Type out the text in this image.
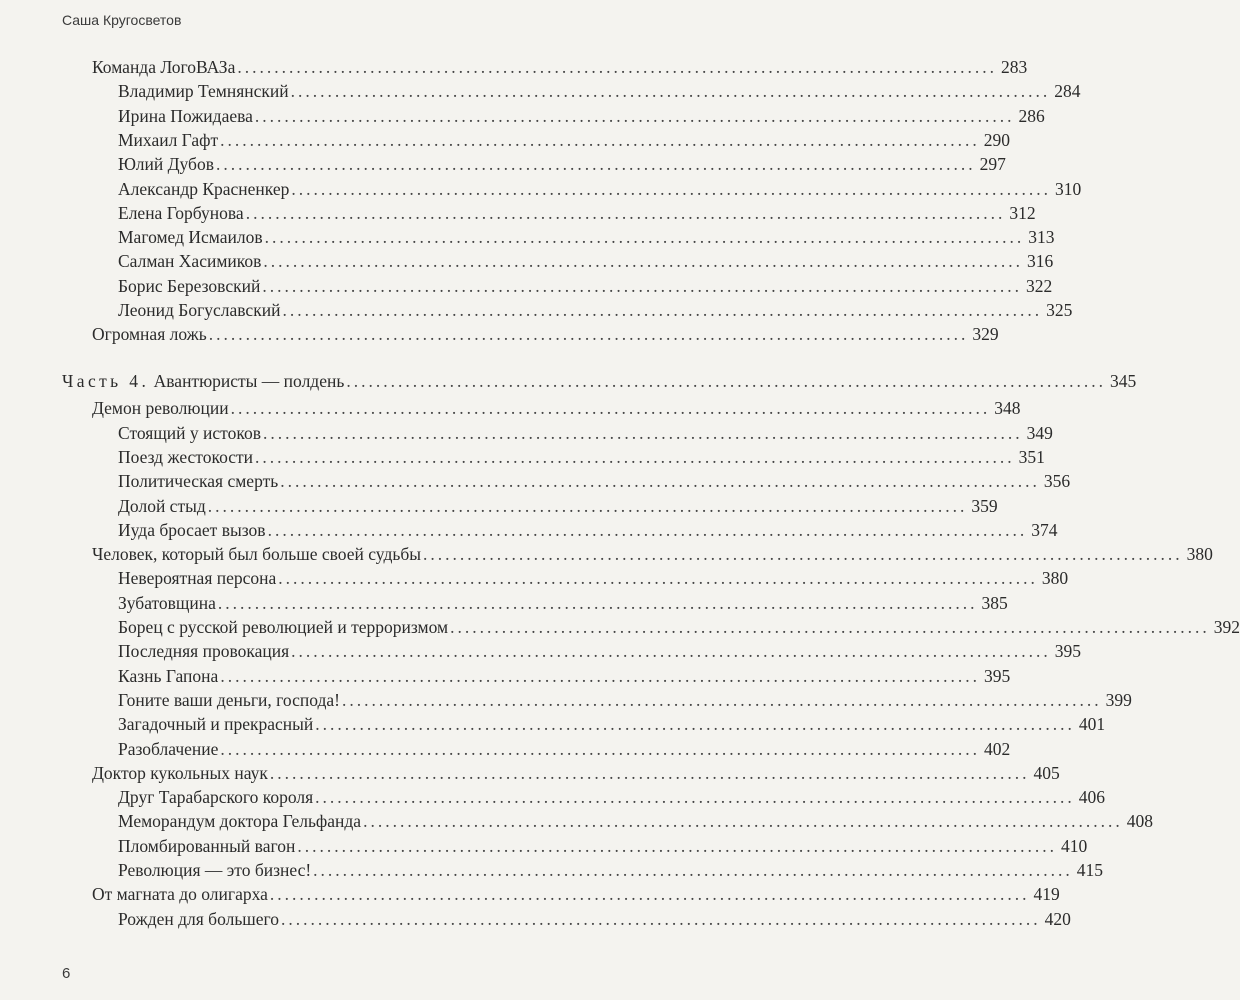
Саша Кругосветов
Команда ЛогоВАЗа ....................................................................................................... 283
Владимир Темнянский ....................................................................................................... 284
Ирина Пожидаева ....................................................................................................... 286
Михаил Гафт ....................................................................................................... 290
Юлий Дубов ....................................................................................................... 297
Александр Красненкер ....................................................................................................... 310
Елена Горбунова ....................................................................................................... 312
Магомед Исмаилов ....................................................................................................... 313
Салман Хасимиков ....................................................................................................... 316
Борис Березовский ....................................................................................................... 322
Леонид Богуславский ....................................................................................................... 325
Огромная ложь ....................................................................................................... 329
Часть 4. Авантюристы — полдень ....................................................................................................... 345
Демон революции ....................................................................................................... 348
Стоящий у истоков ....................................................................................................... 349
Поезд жестокости ....................................................................................................... 351
Политическая смерть ....................................................................................................... 356
Долой стыд ....................................................................................................... 359
Иуда бросает вызов ....................................................................................................... 374
Человек, который был больше своей судьбы ....................................................................................................... 380
Невероятная персона ....................................................................................................... 380
Зубатовщина ....................................................................................................... 385
Борец с русской революцией и терроризмом ....................................................................................................... 392
Последняя провокация ....................................................................................................... 395
Казнь Гапона ....................................................................................................... 395
Гоните ваши деньги, господа! ....................................................................................................... 399
Загадочный и прекрасный ....................................................................................................... 401
Разоблачение ....................................................................................................... 402
Доктор кукольных наук ....................................................................................................... 405
Друг Тарабарского короля ....................................................................................................... 406
Меморандум доктора Гельфанда ....................................................................................................... 408
Пломбированный вагон ....................................................................................................... 410
Революция — это бизнес! ....................................................................................................... 415
От магната до олигарха ....................................................................................................... 419
Рожден для большего ....................................................................................................... 420
6
